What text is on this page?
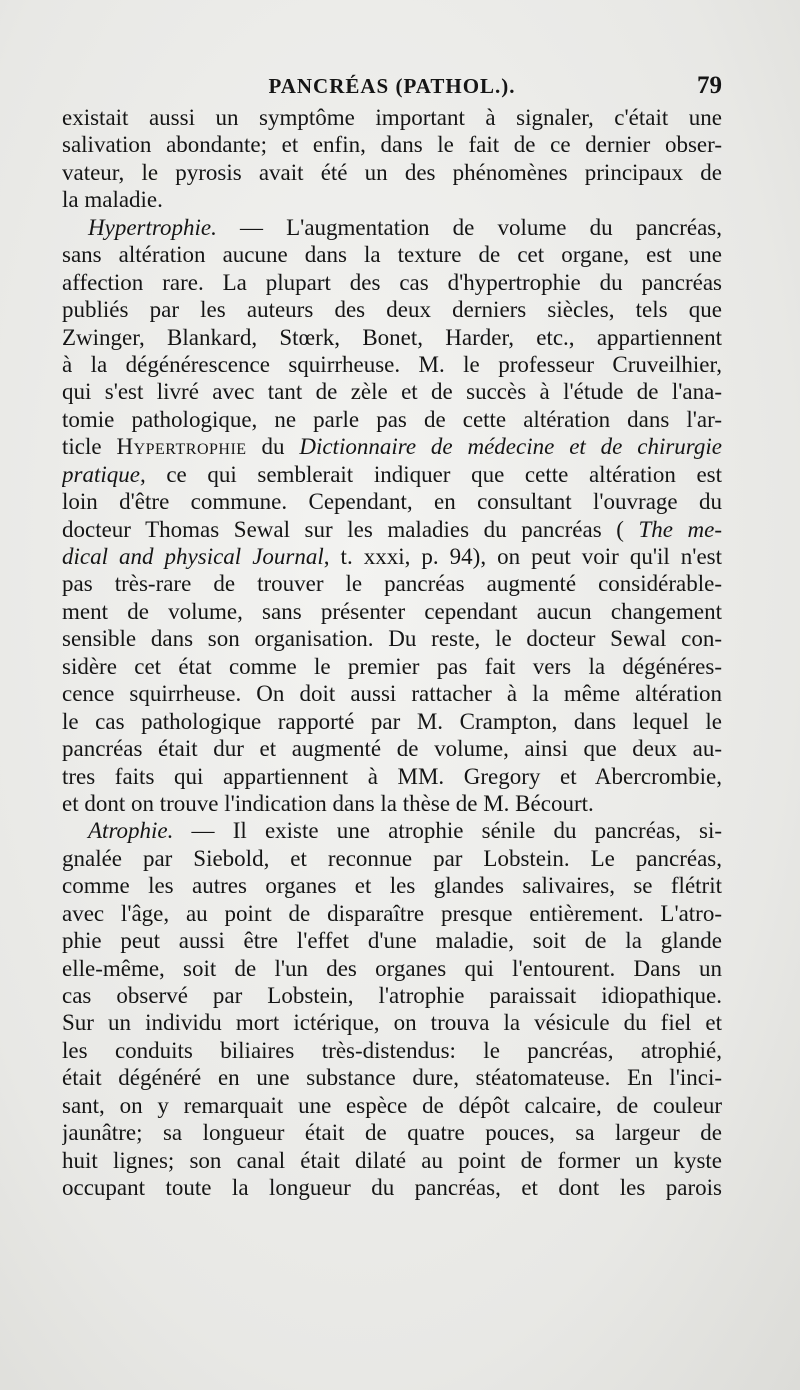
PANCRÉAS (PATHOL.).	79
existait aussi un symptôme important à signaler, c'était une
salivation abondante; et enfin, dans le fait de ce dernier obser-
vateur, le pyrosis avait été un des phénomènes principaux de
la maladie.
Hypertrophie. — L'augmentation de volume du pancréas,
sans altération aucune dans la texture de cet organe, est une
affection rare. La plupart des cas d'hypertrophie du pancréas
publiés par les auteurs des deux derniers siècles, tels que
Zwinger, Blankard, Stœrk, Bonet, Harder, etc., appartiennent
à la dégénérescence squirrheuse. M. le professeur Cruveilhier,
qui s'est livré avec tant de zèle et de succès à l'étude de l'ana-
tomie pathologique, ne parle pas de cette altération dans l'ar-
ticle Hypertrophie du Dictionnaire de médecine et de chirurgie
pratique, ce qui semblerait indiquer que cette altération est
loin d'être commune. Cependant, en consultant l'ouvrage du
docteur Thomas Sewal sur les maladies du pancréas ( The me-
dical and physical Journal, t. xxxi, p. 94), on peut voir qu'il n'est
pas très-rare de trouver le pancréas augmenté considérable-
ment de volume, sans présenter cependant aucun changement
sensible dans son organisation. Du reste, le docteur Sewal con-
sidère cet état comme le premier pas fait vers la dégénéres-
cence squirrheuse. On doit aussi rattacher à la même altération
le cas pathologique rapporté par M. Crampton, dans lequel le
pancréas était dur et augmenté de volume, ainsi que deux au-
tres faits qui appartiennent à MM. Gregory et Abercrombie,
et dont on trouve l'indication dans la thèse de M. Bécourt.
Atrophie. — Il existe une atrophie sénile du pancréas, si-
gnalée par Siebold, et reconnue par Lobstein. Le pancréas,
comme les autres organes et les glandes salivaires, se flétrit
avec l'âge, au point de disparaître presque entièrement. L'atro-
phie peut aussi être l'effet d'une maladie, soit de la glande
elle-même, soit de l'un des organes qui l'entourent. Dans un
cas observé par Lobstein, l'atrophie paraissait idiopathique.
Sur un individu mort ictérique, on trouva la vésicule du fiel et
les conduits biliaires très-distendus: le pancréas, atrophié,
était dégénéré en une substance dure, stéatomateuse. En l'inci-
sant, on y remarquait une espèce de dépôt calcaire, de couleur
jaunâtre; sa longueur était de quatre pouces, sa largeur de
huit lignes; son canal était dilaté au point de former un kyste
occupant toute la longueur du pancréas, et dont les parois
